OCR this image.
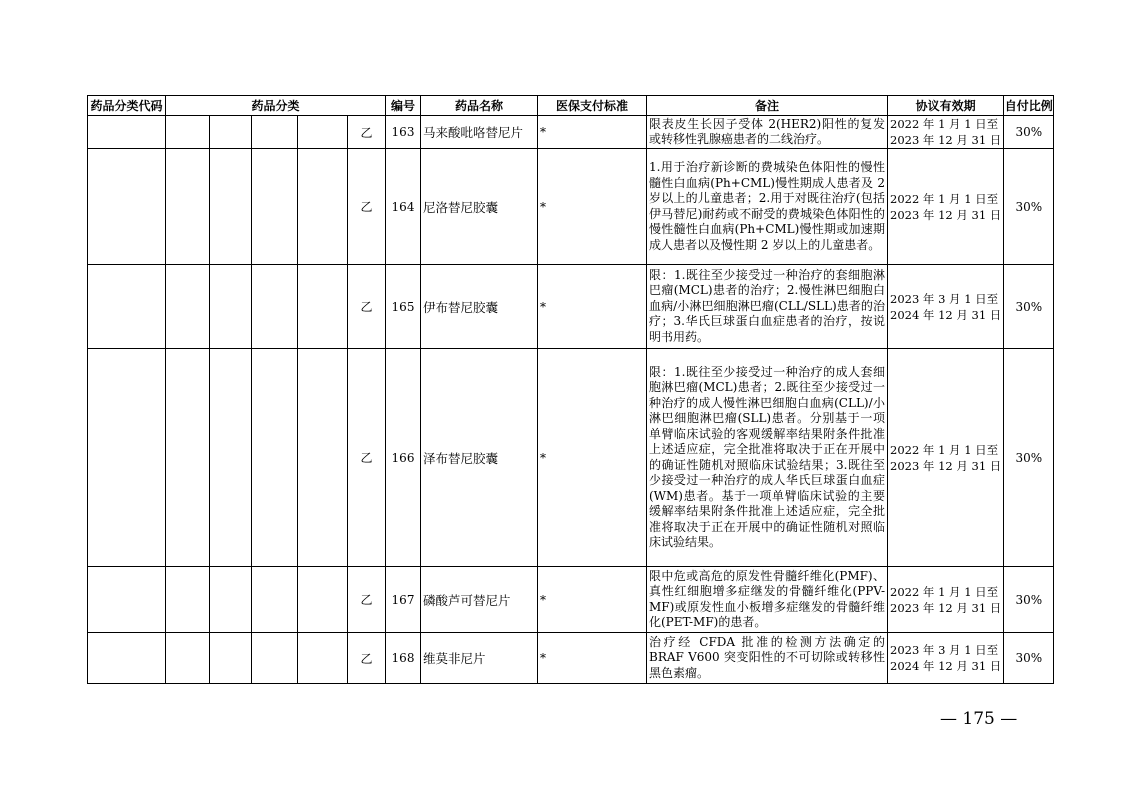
药品分类代码	药品分类					编号	药品名称	医保支付标准	备注	协议有效期	自付比例
					乙	163	马来酸吡咯替尼片	*	限表皮生长因子受体 2(HER2)阳性的复发或转移性乳腺癌患者的二线治疗。	2022 年 1 月 1 日至
2023 年 12 月 31 日	30%
					乙	164	尼洛替尼胶囊	*	1.用于治疗新诊断的费城染色体阳性的慢性髓性白血病(Ph+CML)慢性期成人患者及 2 岁以上的儿童患者；2.用于对既往治疗(包括伊马替尼)耐药或不耐受的费城染色体阳性的慢性髓性白血病(Ph+CML)慢性期或加速期成人患者以及慢性期 2 岁以上的儿童患者。	2022 年 1 月 1 日至
2023 年 12 月 31 日	30%
					乙	165	伊布替尼胶囊	*	限：1.既往至少接受过一种治疗的套细胞淋巴瘤(MCL)患者的治疗；2.慢性淋巴细胞白血病/小淋巴细胞淋巴瘤(CLL/SLL)患者的治疗；3.华氏巨球蛋白血症患者的治疗，按说明书用药。	2023 年 3 月 1 日至
2024 年 12 月 31 日	30%
					乙	166	泽布替尼胶囊	*	限：1.既往至少接受过一种治疗的成人套细胞淋巴瘤(MCL)患者；2.既往至少接受过一种治疗的成人慢性淋巴细胞白血病(CLL)/小淋巴细胞淋巴瘤(SLL)患者。分别基于一项单臂临床试验的客观缓解率结果附条件批准上述适应症，完全批准将取决于正在开展中的确证性随机对照临床试验结果；3.既往至少接受过一种治疗的成人华氏巨球蛋白血症(WM)患者。基于一项单臂临床试验的主要缓解率结果附条件批准上述适应症，完全批准将取决于正在开展中的确证性随机对照临床试验结果。	2022 年 1 月 1 日至
2023 年 12 月 31 日	30%
					乙	167	磷酸芦可替尼片	*	限中危或高危的原发性骨髓纤维化(PMF)、真性红细胞增多症继发的骨髓纤维化(PPV-MF)或原发性血小板增多症继发的骨髓纤维化(PET-MF)的患者。	2022 年 1 月 1 日至
2023 年 12 月 31 日	30%
					乙	168	维莫非尼片	*	治疗经 CFDA 批准的检测方法确定的 BRAF V600 突变阳性的不可切除或转移性黑色素瘤。	2023 年 3 月 1 日至
2024 年 12 月 31 日	30%
— 175 —
